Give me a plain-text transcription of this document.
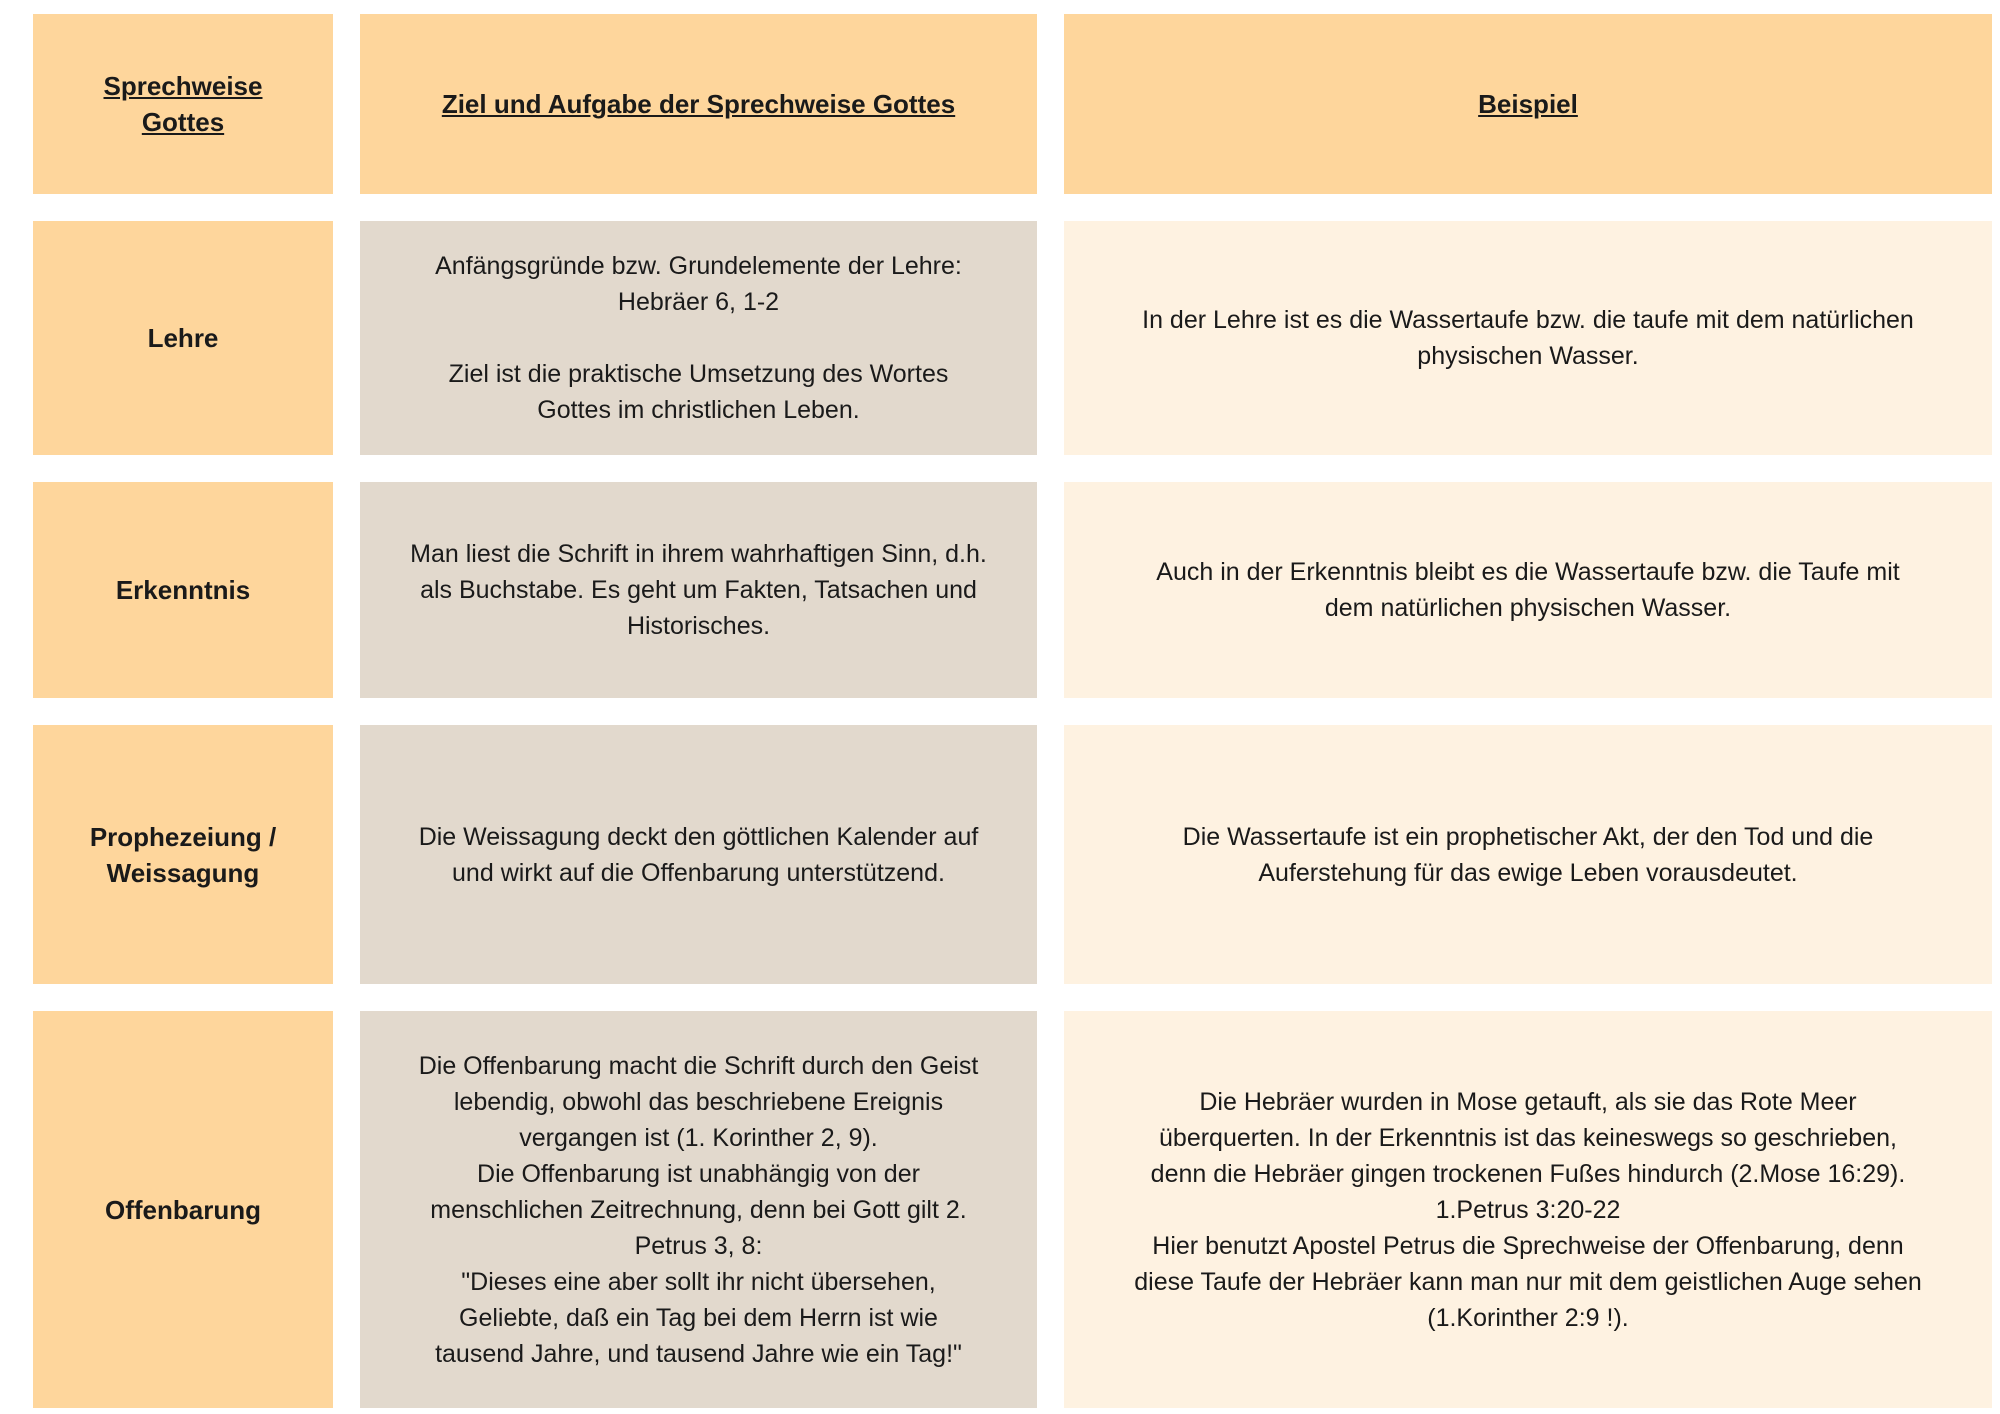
Sprechweise
Gottes
Ziel und Aufgabe der Sprechweise Gottes	Beispiel
Lehre
Anfängsgründe bzw. Grundelemente der Lehre:
Hebräer 6, 1-2

Ziel ist die praktische Umsetzung des Wortes
Gottes im christlichen Leben.
In der Lehre ist es die Wassertaufe bzw. die taufe mit dem natürlichen
physischen Wasser.
Erkenntnis
Man liest die Schrift in ihrem wahrhaftigen Sinn, d.h.
als Buchstabe. Es geht um Fakten, Tatsachen und
Historisches.
Auch in der Erkenntnis bleibt es die Wassertaufe bzw. die Taufe mit
dem natürlichen physischen Wasser.
Prophezeiung /
Weissagung
Die Weissagung deckt den göttlichen Kalender auf
und wirkt auf die Offenbarung unterstützend.
Die Wassertaufe ist ein prophetischer Akt, der den Tod und die
Auferstehung für das ewige Leben vorausdeutet.
Offenbarung
Die Offenbarung macht die Schrift durch den Geist
lebendig, obwohl das beschriebene Ereignis
vergangen ist (1. Korinther 2, 9).
Die Offenbarung ist unabhängig von der
menschlichen Zeitrechnung, denn bei Gott gilt 2.
Petrus 3, 8:
"Dieses eine aber sollt ihr nicht übersehen,
Geliebte, daß ein Tag bei dem Herrn ist wie
tausend Jahre, und tausend Jahre wie ein Tag!"
Die Hebräer wurden in Mose getauft, als sie das Rote Meer
überquerten. In der Erkenntnis ist das keineswegs so geschrieben,
denn die Hebräer gingen trockenen Fußes hindurch (2.Mose 16:29).
1.Petrus 3:20-22
Hier benutzt Apostel Petrus die Sprechweise der Offenbarung, denn
diese Taufe der Hebräer kann man nur mit dem geistlichen Auge sehen
(1.Korinther 2:9 !).
